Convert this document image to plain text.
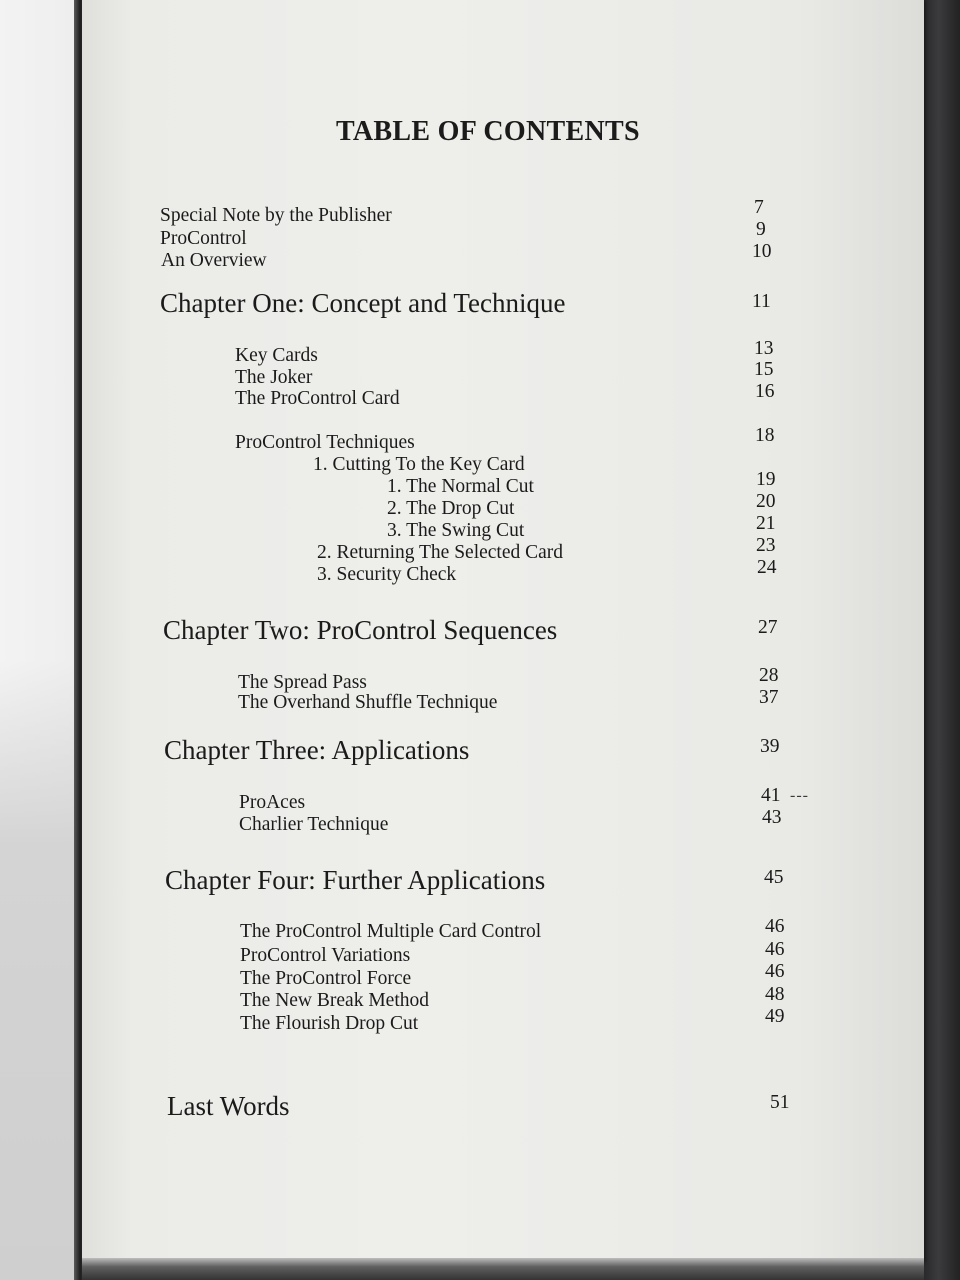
TABLE OF CONTENTS
Special Note by the Publisher	7
ProControl	9
An Overview	10
Chapter One: Concept and Technique	11
Key Cards	13
The Joker	15
The ProControl Card	16
ProControl Techniques	18
1. Cutting To the Key Card
1. The Normal Cut	19
2. The Drop Cut	20
3. The Swing Cut	21
2. Returning The Selected Card	23
3. Security Check	24
Chapter Two: ProControl Sequences	27
The Spread Pass	28
The Overhand Shuffle Technique	37
Chapter Three: Applications	39
ProAces	41 ---
Charlier Technique	43
Chapter Four: Further Applications	45
The ProControl Multiple Card Control	46
ProControl Variations	46
The ProControl Force	46
The New Break Method	48
The Flourish Drop Cut	49
Last Words	51
